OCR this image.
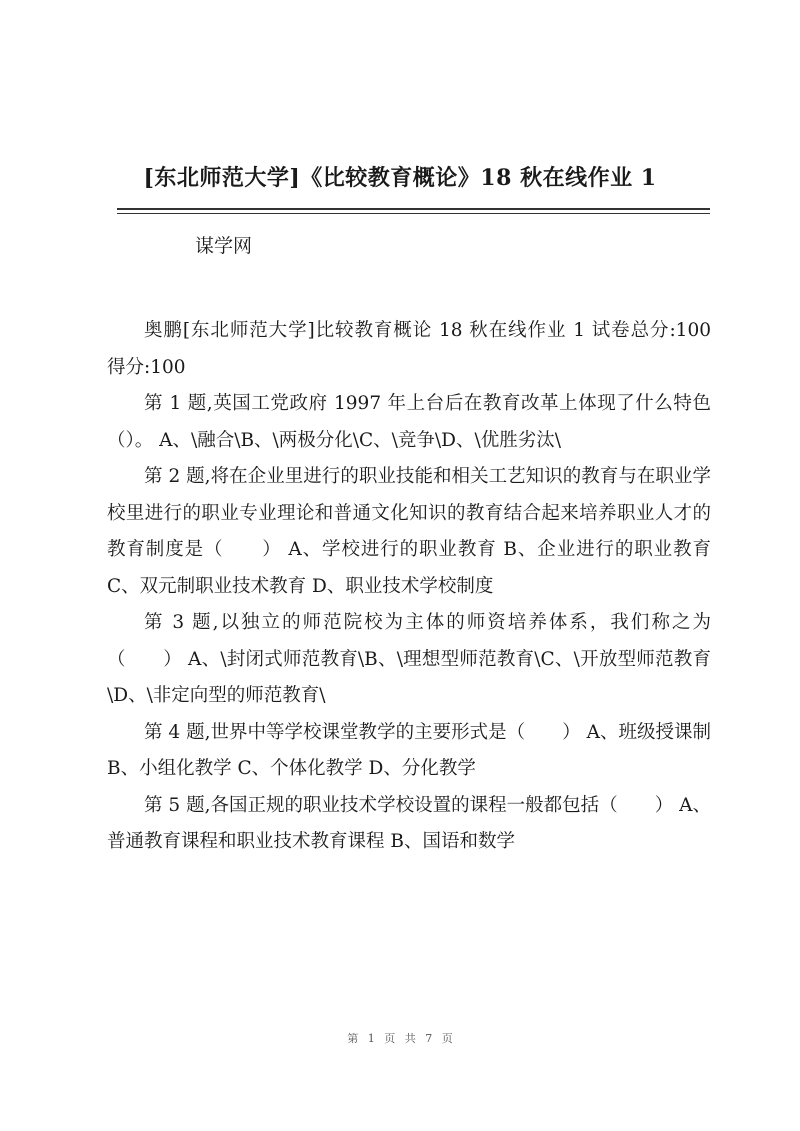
[东北师范大学]《比较教育概论》18 秋在线作业 1
谋学网

奥鹏[东北师范大学]比较教育概论 18 秋在线作业 1 试卷总分:100　　得分:100

第 1 题,英国工党政府 1997 年上台后在教育改革上体现了什么特色（）。 A、\融合\B、\两极分化\C、\竞争\D、\优胜劣汰\

第 2 题,将在企业里进行的职业技能和相关工艺知识的教育与在职业学校里进行的职业专业理论和普通文化知识的教育结合起来培养职业人才的教育制度是（　　） A、学校进行的职业教育 B、企业进行的职业教育 C、双元制职业技术教育 D、职业技术学校制度

第 3 题,以独立的师范院校为主体的师资培养体系，我们称之为（　　） A、\封闭式师范教育\B、\理想型师范教育\C、\开放型师范教育\D、\非定向型的师范教育\

第 4 题,世界中等学校课堂教学的主要形式是（　　） A、班级授课制 B、小组化教学 C、个体化教学 D、分化教学

第 5 题,各国正规的职业技术学校设置的课程一般都包括（　　） A、普通教育课程和职业技术教育课程 B、国语和数学

第 1 页 共 7 页
